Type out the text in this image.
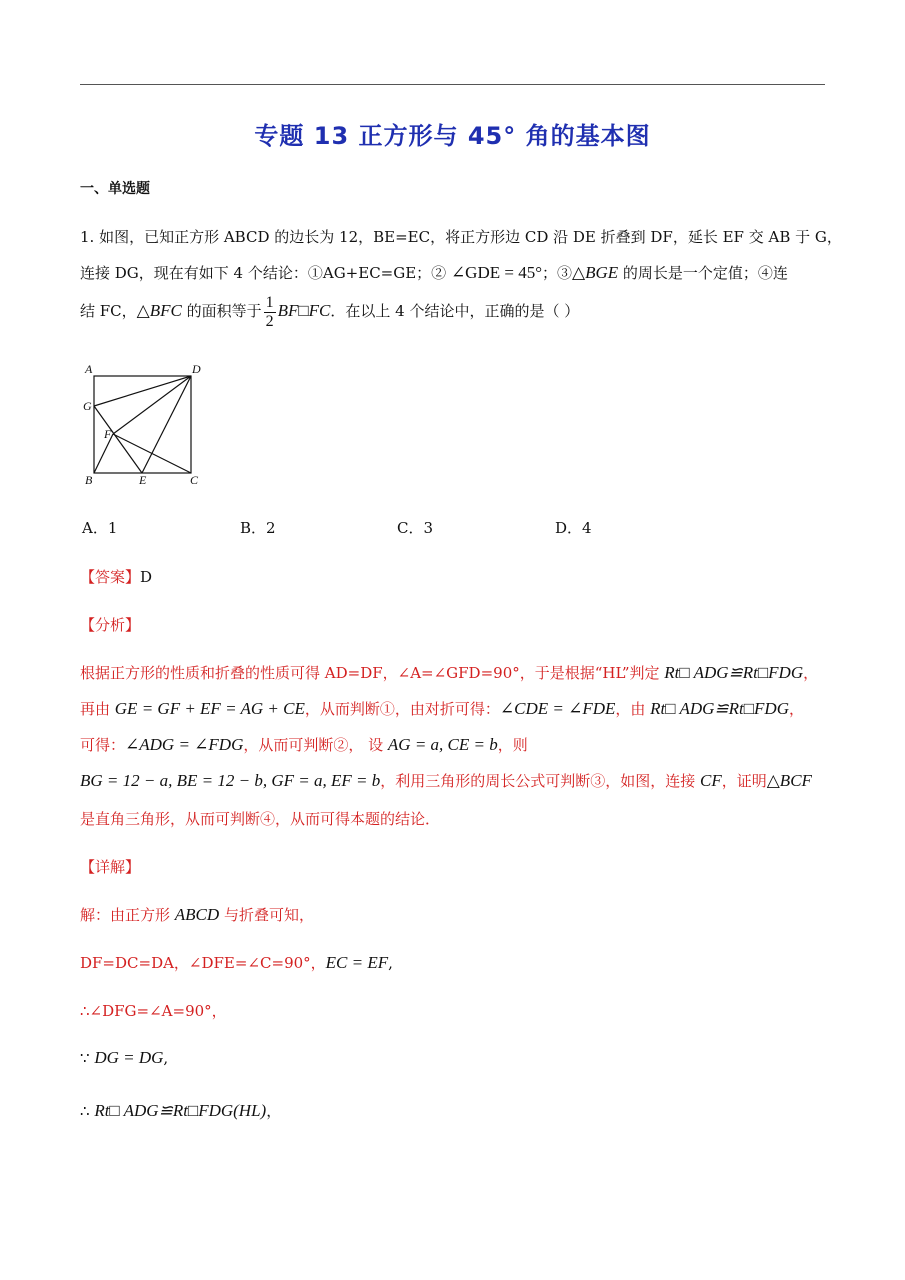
专题 13 正方形与 45° 角的基本图
一、单选题
1. 如图，已知正方形 ABCD 的边长为 12，BE=EC，将正方形边 CD 沿 DE 折叠到 DF，延长 EF 交 AB 于 G，
连接 DG，现在有如下 4 个结论：①AG+EC=GE；② ∠GDE = 45°；③△BGE 的周长是一个定值；④连
结 FC，△BFC 的面积等于 $\frac{1}{2}$ BF□FC．在以上 4 个结论中，正确的是（ ）
A	D
G
F
B	E	C
A．1	B．2	C．3	D．4
【答案】D
【分析】
根据正方形的性质和折叠的性质可得 AD=DF，∠A=∠GFD=90°，于是根据“HL”判定 Rt□ ADG≌Rt□FDG，
再由 GE = GF + EF = AG + CE，从而判断①，由对折可得：∠CDE = ∠FDE，由 Rt□ ADG≌Rt□FDG，
可得：∠ADG = ∠FDG，从而可判断②， 设 AG = a, CE = b，则
BG = 12 − a, BE = 12 − b, GF = a, EF = b，利用三角形的周长公式可判断③，如图，连接 CF，证明△BCF
是直角三角形，从而可判断④，从而可得本题的结论．
【详解】
解：由正方形 ABCD 与折叠可知，
DF=DC=DA，∠DFE=∠C=90°，EC = EF,
∴∠DFG=∠A=90°，
∵ DG = DG,
∴ Rt□ ADG≌Rt□FDG(HL)，
